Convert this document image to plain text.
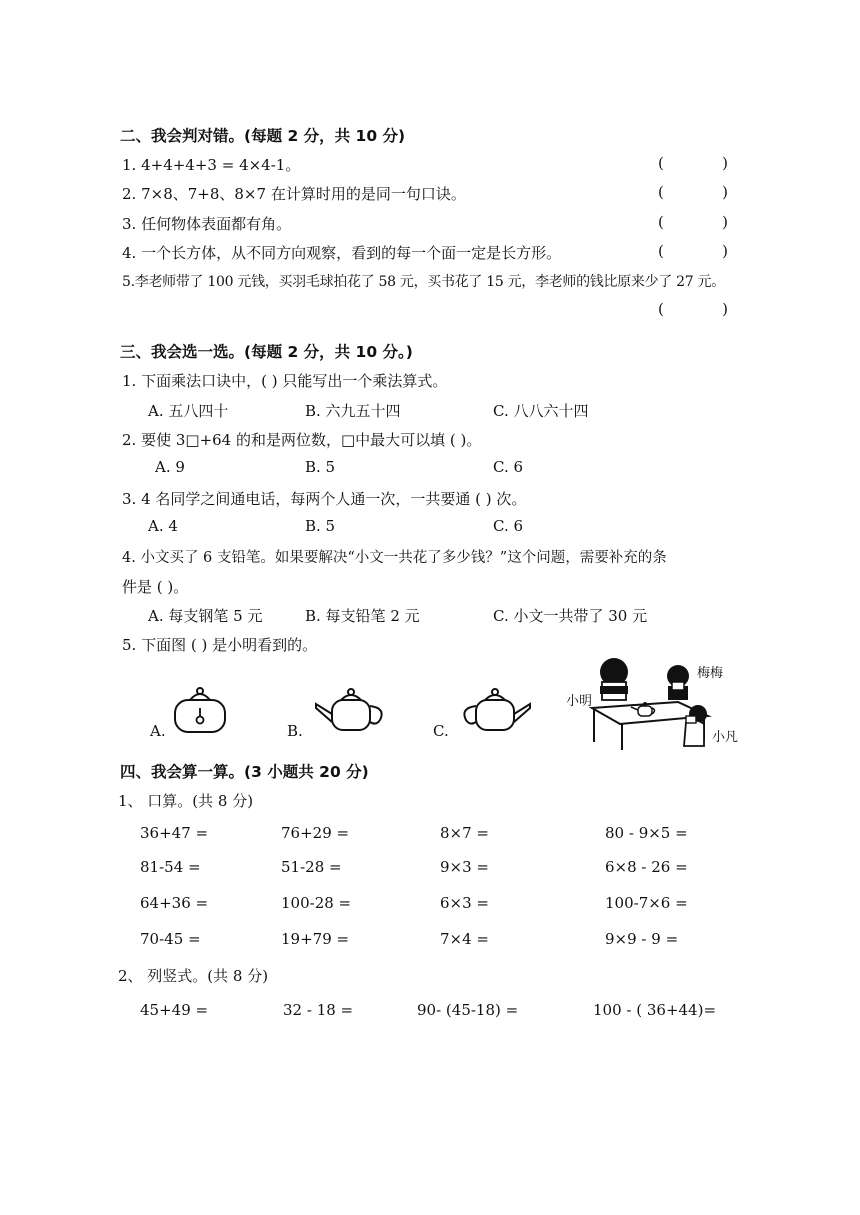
二、我会判对错。(每题 2 分，共 10 分)
1. 4+4+4+3 = 4×4-1。	(	)
2. 7×8、7+8、8×7 在计算时用的是同一句口诀。	(	)
3. 任何物体表面都有角。	(	)
4. 一个长方体，从不同方向观察，看到的每一个面一定是长方形。	(	)
5.李老师带了 100 元钱，买羽毛球拍花了 58 元，买书花了 15 元，李老师的钱比原来少了 27 元。
(	)
三、我会选一选。(每题 2 分，共 10 分。)
1. 下面乘法口诀中，( ) 只能写出一个乘法算式。
A. 五八四十	B. 六九五十四	C. 八八六十四
2. 要使 3□+64 的和是两位数，□中最大可以填 ( )。
A. 9	B. 5	C. 6
3. 4 名同学之间通电话，每两个人通一次，一共要通 ( ) 次。
A. 4	B. 5	C. 6
4. 小文买了 6 支铅笔。如果要解决“小文一共花了多少钱？”这个问题，需要补充的条
件是 ( )。
A. 每支钢笔 5 元	B. 每支铅笔 2 元	C. 小文一共带了 30 元
5. 下面图 ( ) 是小明看到的。
A.	B.	C.
小明
梅梅
小凡
四、我会算一算。(3 小题共 20 分)
1、 口算。(共 8 分)
36+47 =	76+29 =	8×7 =	80 - 9×5 =
81-54 =	51-28 =	9×3 =	6×8 - 26 =
64+36 =	100-28 =	6×3 =	100-7×6 =
70-45 =	19+79 =	7×4 =	9×9 - 9 =
2、 列竖式。(共 8 分)
45+49 =	32 - 18 =	90- (45-18) =	100 - ( 36+44)=
